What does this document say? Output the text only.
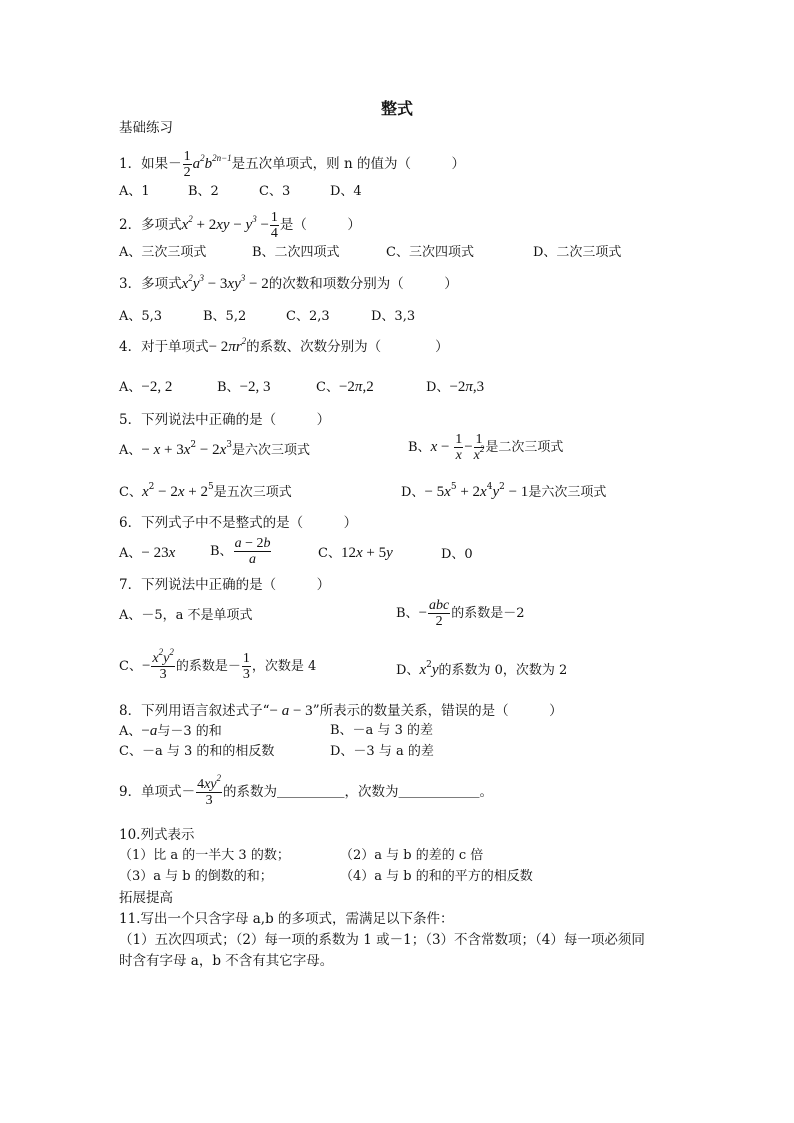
整式
基础练习
1．如果－ $\frac{1}{2} a^2b^{2n-1}$是五次单项式，则 n 的值为（　　　）
A、1	B、2	C、3	D、4
2．多项式$x^2 + 2xy - y^3 - \frac{1}{4}$ 是（　　　）
A、三次三项式	B、二次四项式	C、三次四项式	D、二次三项式
3．多项式$x^2y^3 - 3xy^3 - 2$的次数和项数分别为（　　　）
A、5,3	B、5,2	C、2,3	D、3,3
4．对于单项式− $2\pi r^2$的系数、次数分别为（　　　　）
A、−2, 2	B、−2, 3	C、−2π,2	D、−2π,3
5．下列说法中正确的是（　　　）
A、− $x + 3x^2 - 2x^3$是六次三项式	B、$x - \frac{1}{x} - \frac{1}{x^2}$ 是二次三项式
C、$x^2 - 2x + 2^5$是五次三项式	D、− $5x^5 + 2x^4y^2 - 1$是六次三项式
6．下列式子中不是整式的是（　　　）
A、− 23x	B、 $\frac{a - 2b}{a}$	C、12x + 5y	D、0
7．下列说法中正确的是（　　　）
A、－5，a 不是单项式	B、− $\frac{\text{abc}}{2}$ 的系数是－2
C、− $\frac{x^2y^2}{3}$ 的系数是－ $\frac{1}{3}$ ，次数是 4	D、$x^2y$的系数为 0，次数为 2
8．下列用语言叙述式子“− a − 3”所表示的数量关系，错误的是（　　　）
A、−a与－3 的和	B、－a 与 3 的差
C、－a 与 3 的和的相反数	D、－3 与 a 的差
9．单项式－ $\frac{4xy^2}{3}$ 的系数为＿＿＿＿＿，次数为＿＿＿＿＿＿。
10.列式表示
（1）比 a 的一半大 3 的数；	（2）a 与 b 的差的 c 倍
（3）a 与 b 的倒数的和；	（4）a 与 b 的和的平方的相反数
拓展提高
11.写出一个只含字母 a,b 的多项式，需满足以下条件：
（1）五次四项式；（2）每一项的系数为 1 或－1；（3）不含常数项；（4）每一项必须同
时含有字母 a，b 不含有其它字母。
